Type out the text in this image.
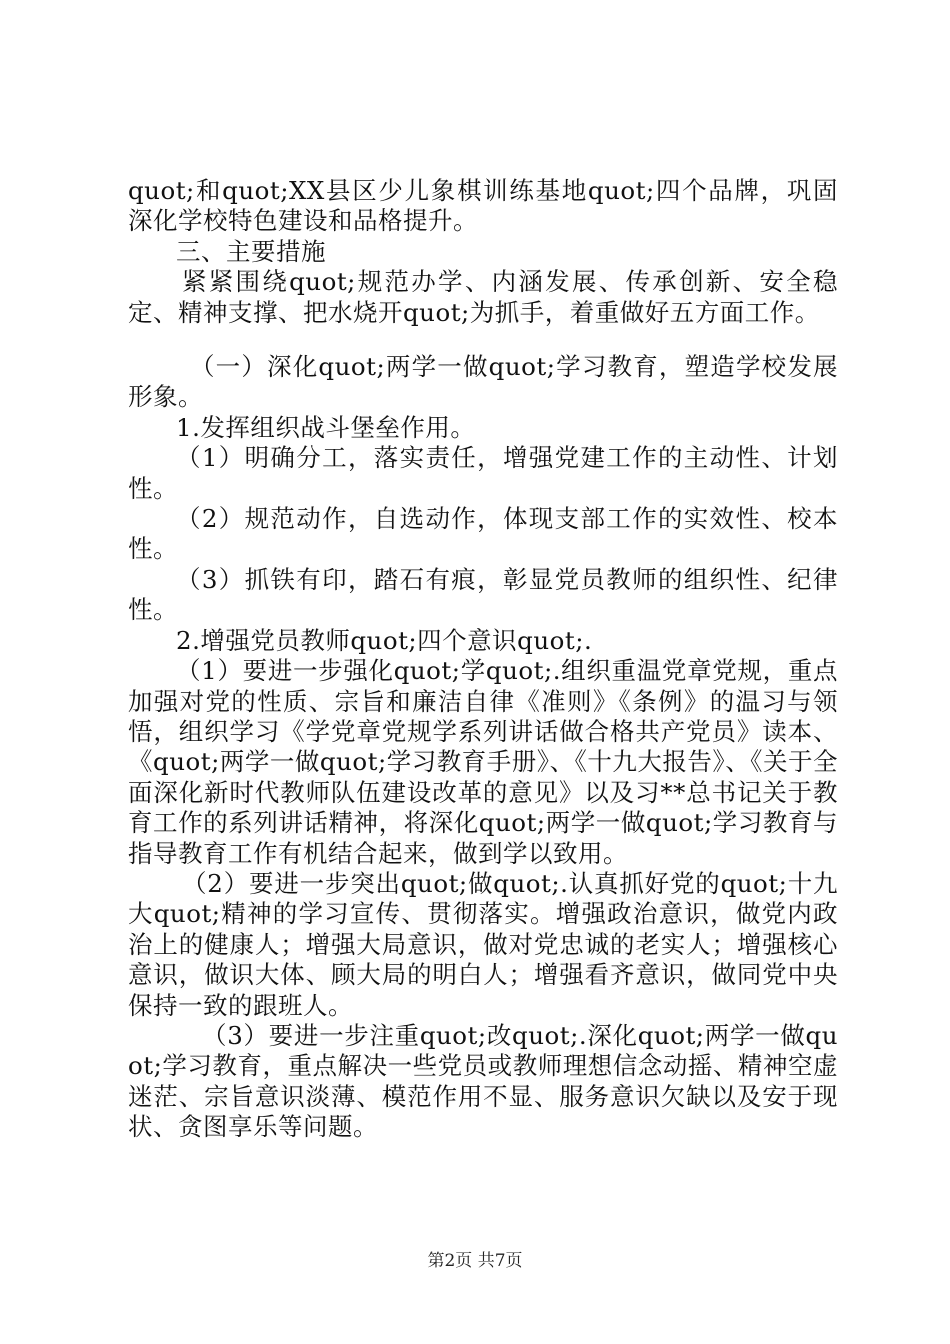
quot;和quot;XX县区少儿象棋训练基地quot;四个品牌，巩固深化学校特色建设和品格提升。

三、主要措施

紧紧围绕quot;规范办学、内涵发展、传承创新、安全稳定、精神支撑、把水烧开quot;为抓手，着重做好五方面工作。

（一）深化quot;两学一做quot;学习教育，塑造学校发展形象。

1.发挥组织战斗堡垒作用。

（1）明确分工，落实责任，增强党建工作的主动性、计划性。

（2）规范动作，自选动作，体现支部工作的实效性、校本性。

（3）抓铁有印，踏石有痕，彰显党员教师的组织性、纪律性。

2.增强党员教师quot;四个意识quot;.

（1）要进一步强化quot;学quot;.组织重温党章党规，重点加强对党的性质、宗旨和廉洁自律《准则》《条例》的温习与领悟，组织学习《学党章党规学系列讲话做合格共产党员》读本、《quot;两学一做quot;学习教育手册》、《十九大报告》、《关于全面深化新时代教师队伍建设改革的意见》以及习**总书记关于教育工作的系列讲话精神，将深化quot;两学一做quot;学习教育与指导教育工作有机结合起来，做到学以致用。

（2）要进一步突出quot;做quot;.认真抓好党的quot;十九大quot;精神的学习宣传、贯彻落实。增强政治意识，做党内政治上的健康人；增强大局意识，做对党忠诚的老实人；增强核心意识，做识大体、顾大局的明白人；增强看齐意识，做同党中央保持一致的跟班人。

（3）要进一步注重quot;改quot;.深化quot;两学一做quot;学习教育，重点解决一些党员或教师理想信念动摇、精神空虚迷茫、宗旨意识淡薄、模范作用不显、服务意识欠缺以及安于现状、贪图享乐等问题。

第2页 共7页
